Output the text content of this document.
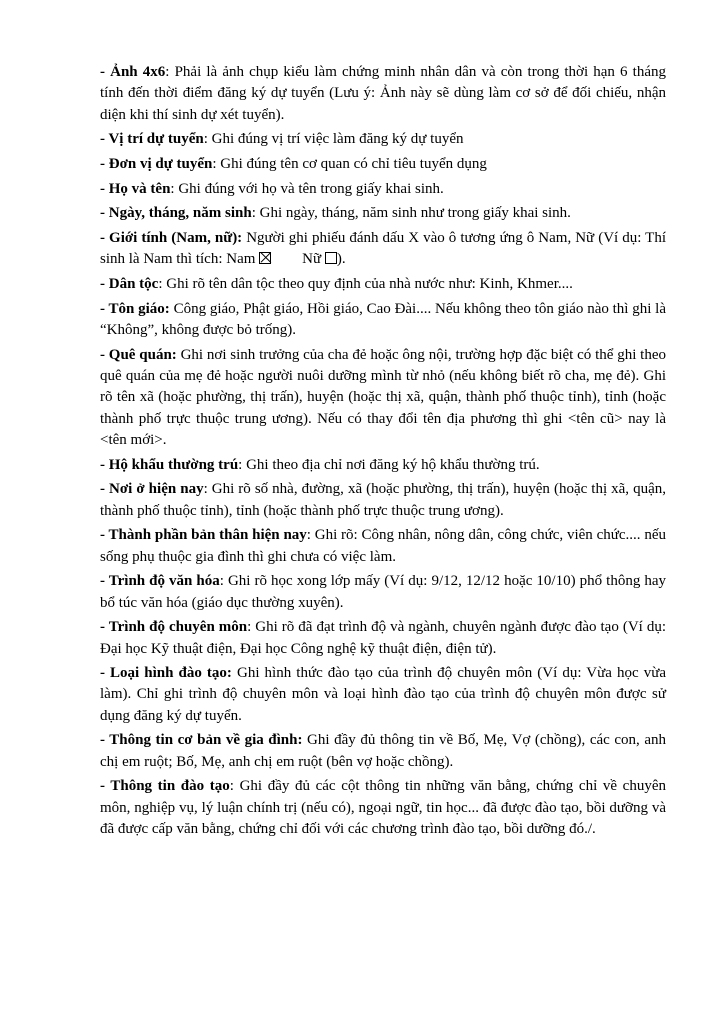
- Ảnh 4x6: Phải là ảnh chụp kiểu làm chứng minh nhân dân và còn trong thời hạn 6 tháng tính đến thời điểm đăng ký dự tuyển (Lưu ý: Ảnh này sẽ dùng làm cơ sở để đối chiếu, nhận diện khi thí sinh dự xét tuyển).

- Vị trí dự tuyển: Ghi đúng vị trí việc làm đăng ký dự tuyển

- Đơn vị dự tuyển: Ghi đúng tên cơ quan có chỉ tiêu tuyển dụng

- Họ và tên: Ghi đúng với họ và tên trong giấy khai sinh.

- Ngày, tháng, năm sinh: Ghi ngày, tháng, năm sinh như trong giấy khai sinh.

- Giới tính (Nam, nữ): Người ghi phiếu đánh dấu X vào ô tương ứng ô Nam, Nữ (Ví dụ: Thí sinh là Nam thì tích: Nam	Nữ ).

- Dân tộc: Ghi rõ tên dân tộc theo quy định của nhà nước như: Kinh, Khmer....

- Tôn giáo: Công giáo, Phật giáo, Hồi giáo, Cao Đài.... Nếu không theo tôn giáo nào thì ghi là “Không”, không được bỏ trống).

- Quê quán: Ghi nơi sinh trưởng của cha đẻ hoặc ông nội, trường hợp đặc biệt có thể ghi theo quê quán của mẹ đẻ hoặc người nuôi dưỡng mình từ nhỏ (nếu không biết rõ cha, mẹ đẻ). Ghi rõ tên xã (hoặc phường, thị trấn), huyện (hoặc thị xã, quận, thành phố thuộc tỉnh), tỉnh (hoặc thành phố trực thuộc trung ương). Nếu có thay đổi tên địa phương thì ghi <tên cũ> nay là <tên mới>.

- Hộ khẩu thường trú: Ghi theo địa chỉ nơi đăng ký hộ khẩu thường trú.

- Nơi ở hiện nay: Ghi rõ số nhà, đường, xã (hoặc phường, thị trấn), huyện (hoặc thị xã, quận, thành phố thuộc tỉnh), tỉnh (hoặc thành phố trực thuộc trung ương).

- Thành phần bản thân hiện nay: Ghi rõ: Công nhân, nông dân, công chức, viên chức.... nếu sống phụ thuộc gia đình thì ghi chưa có việc làm.

- Trình độ văn hóa: Ghi rõ học xong lớp mấy (Ví dụ: 9/12, 12/12 hoặc 10/10) phổ thông hay bổ túc văn hóa (giáo dục thường xuyên).

- Trình độ chuyên môn: Ghi rõ đã đạt trình độ và ngành, chuyên ngành được đào tạo (Ví dụ: Đại học Kỹ thuật điện, Đại học Công nghệ kỹ thuật điện, điện tử).

- Loại hình đào tạo: Ghi hình thức đào tạo của trình độ chuyên môn (Ví dụ: Vừa học vừa làm). Chỉ ghi trình độ chuyên môn và loại hình đào tạo của trình độ chuyên môn được sử dụng đăng ký dự tuyển.

- Thông tin cơ bản về gia đình: Ghi đầy đủ thông tin về Bố, Mẹ, Vợ (chồng), các con, anh chị em ruột; Bố, Mẹ, anh chị em ruột (bên vợ hoặc chồng).

- Thông tin đào tạo: Ghi đầy đủ các cột thông tin những văn bằng, chứng chỉ về chuyên môn, nghiệp vụ, lý luận chính trị (nếu có), ngoại ngữ, tin học... đã được đào tạo, bồi dưỡng và đã được cấp văn bằng, chứng chỉ đối với các chương trình đào tạo, bồi dưỡng đó./.
